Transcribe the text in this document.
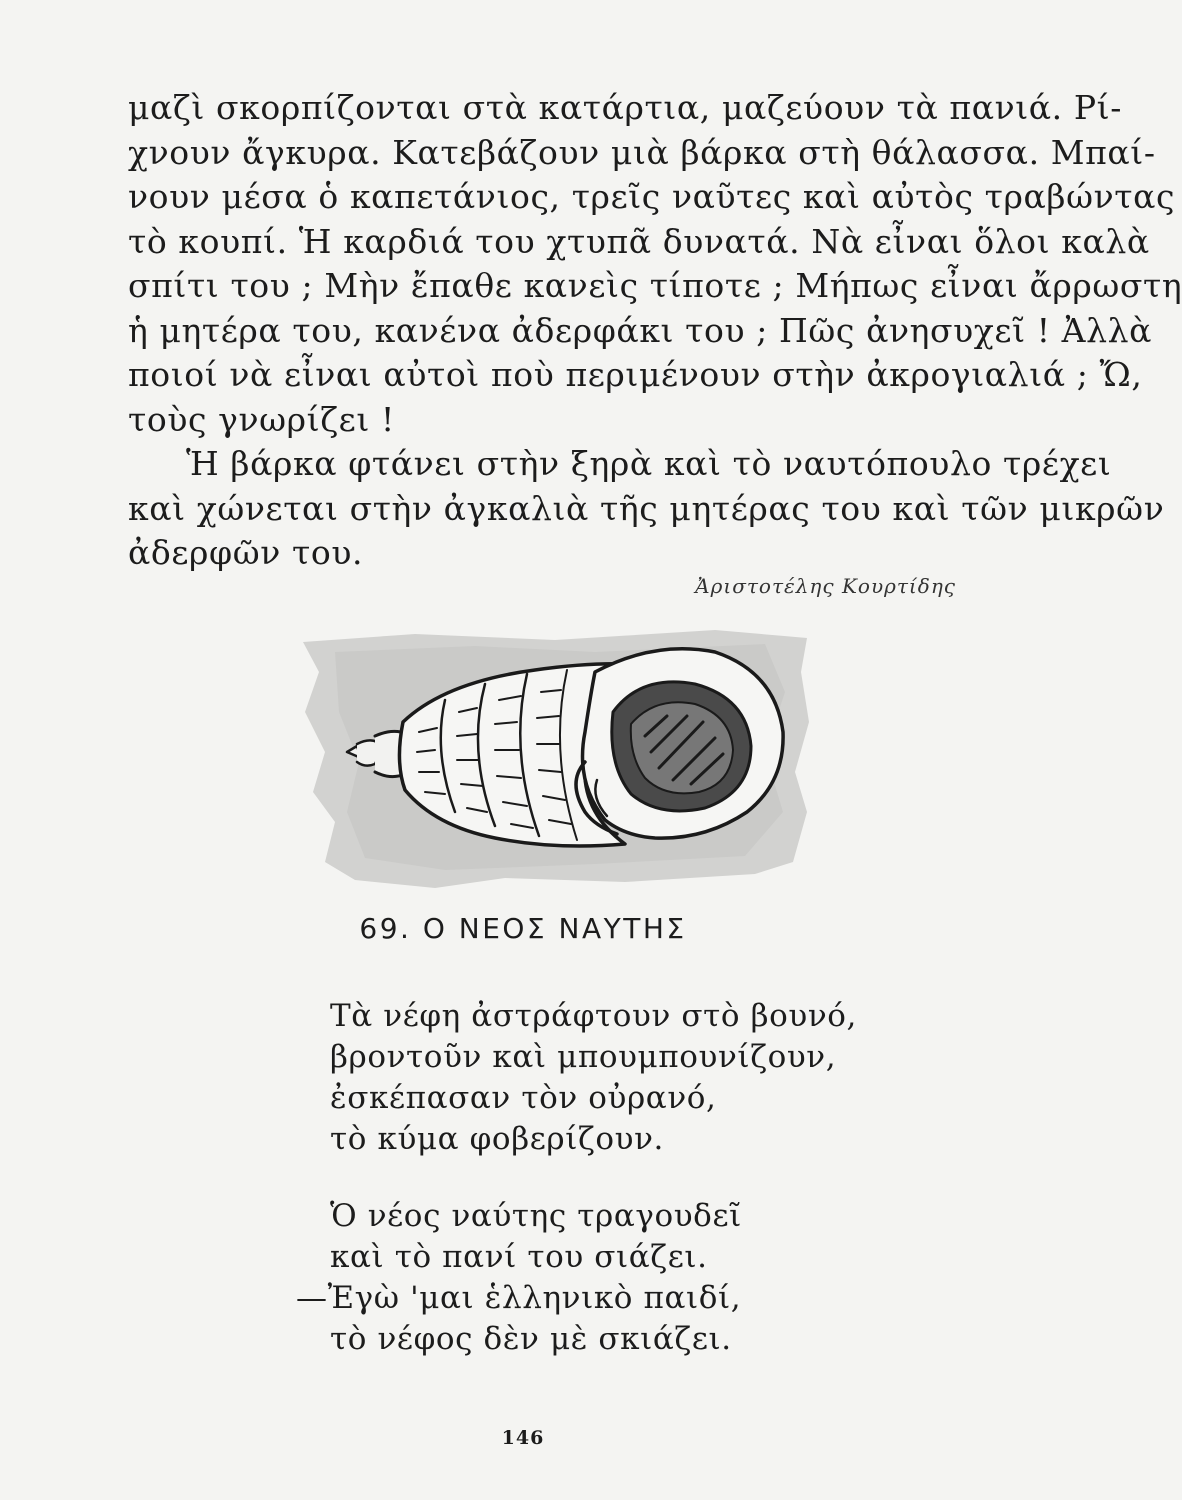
μαζὶ σκορπίζονται στὰ κατάρτια, μαζεύουν τὰ πανιά. Ρί-
χνουν ἄγκυρα. Κατεβάζουν μιὰ βάρκα στὴ θάλασσα. Μπαί-
νουν μέσα ὁ καπετάνιος, τρεῖς ναῦτες καὶ αὐτὸς τραβώντας
τὸ κουπί. Ἡ καρδιά του χτυπᾶ δυνατά. Νὰ εἶναι ὅλοι καλὰ
σπίτι του ; Μὴν ἔπαθε κανεὶς τίποτε ; Μήπως εἶναι ἄρρωστη
ἡ μητέρα του, κανένα ἀδερφάκι του ; Πῶς ἀνησυχεῖ ! Ἀλλὰ
ποιοί νὰ εἶναι αὐτοὶ ποὺ περιμένουν στὴν ἀκρογιαλιά ; Ὤ,
τοὺς γνωρίζει !
Ἡ βάρκα φτάνει στὴν ξηρὰ καὶ τὸ ναυτόπουλο τρέχει
καὶ χώνεται στὴν ἀγκαλιὰ τῆς μητέρας του καὶ τῶν μικρῶν
ἀδερφῶν του.
Ἀριστοτέλης Κουρτίδης
69. Ο ΝΕΟΣ ΝΑΥΤΗΣ
Τὰ νέφη ἀστράφτουν στὸ βουνό,
βροντοῦν καὶ μπουμπουνίζουν,
ἐσκέπασαν τὸν οὐρανό,
τὸ κύμα φοβερίζουν.
Ὁ νέος ναύτης τραγουδεῖ
καὶ τὸ πανί του σιάζει.
—Ἐγὼ 'μαι ἑλληνικὸ παιδί,
τὸ νέφος δὲν μὲ σκιάζει.
146
